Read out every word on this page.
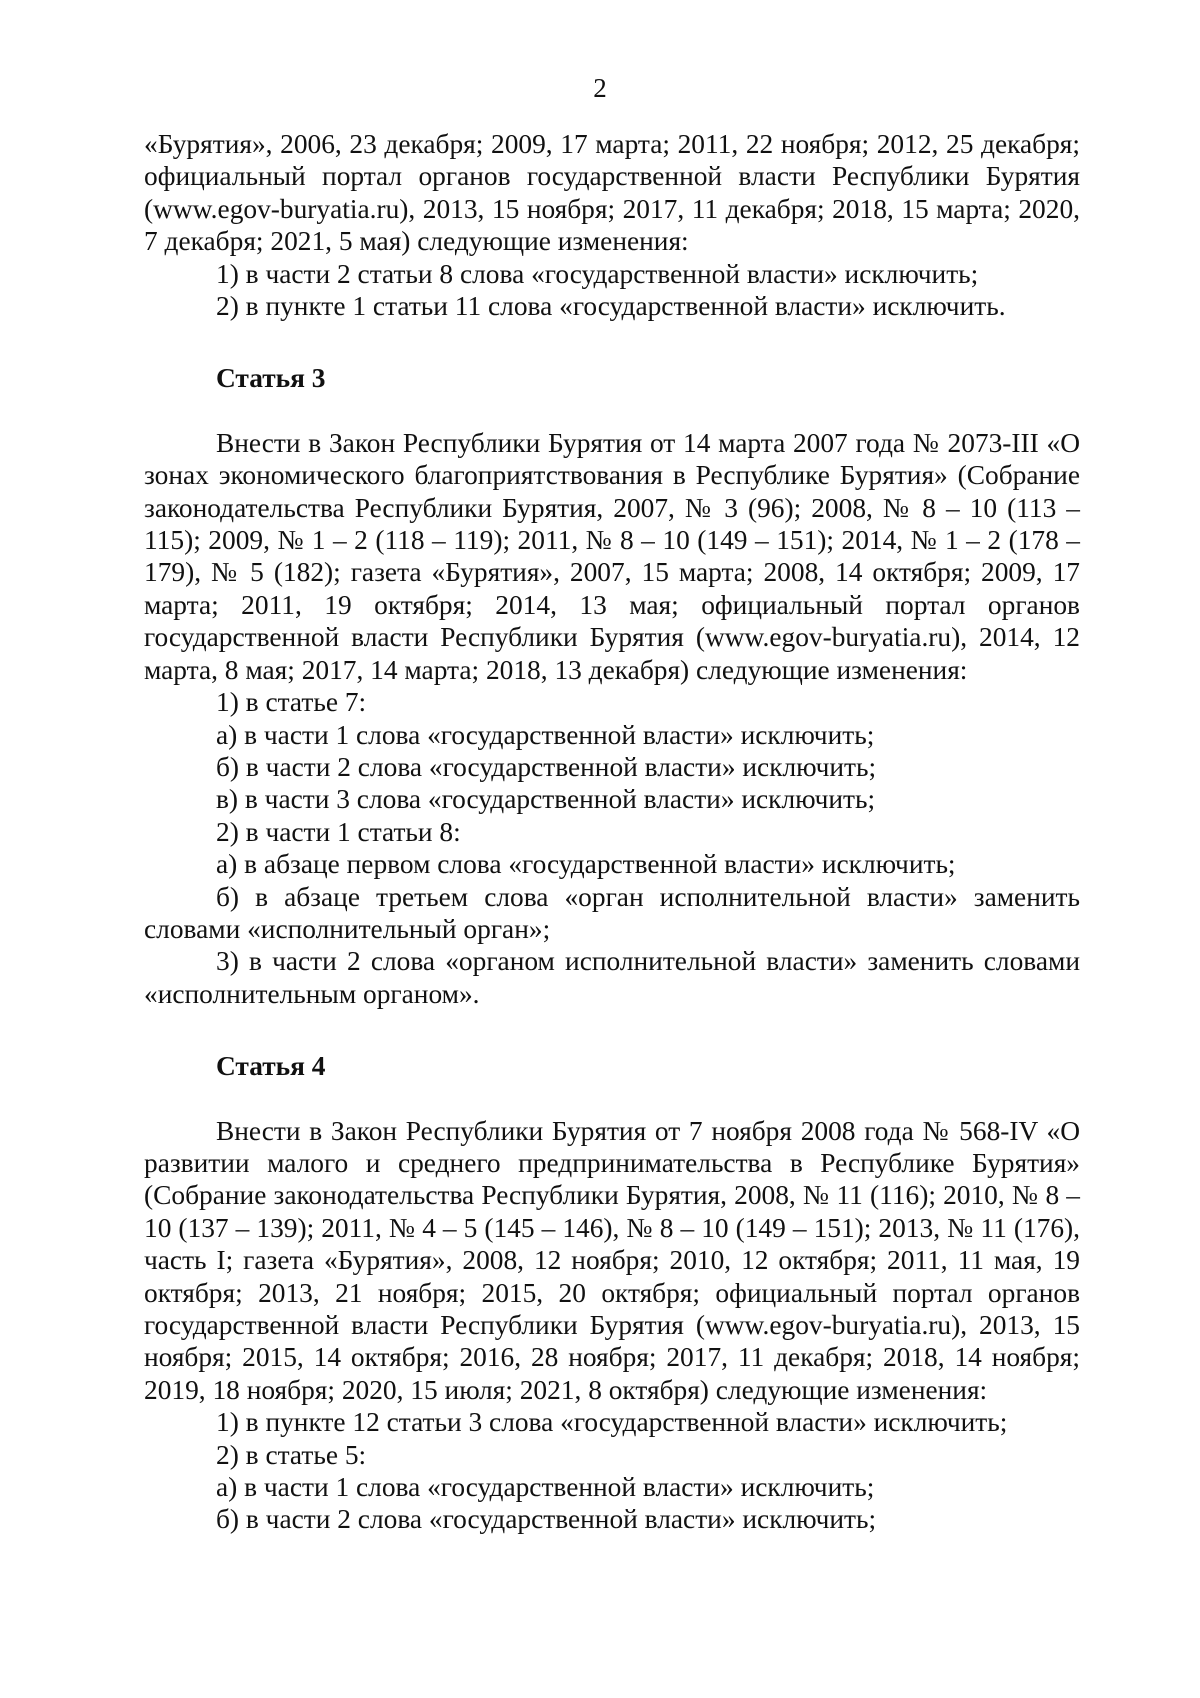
2

«Бурятия», 2006, 23 декабря; 2009, 17 марта; 2011, 22 ноября; 2012, 25 декабря; официальный портал органов государственной власти Республики Бурятия (www.egov-buryatia.ru), 2013, 15 ноября; 2017, 11 декабря; 2018, 15 марта; 2020, 7 декабря; 2021, 5 мая) следующие изменения:

1) в части 2 статьи 8 слова «государственной власти» исключить;

2) в пункте 1 статьи 11 слова «государственной власти» исключить.

Статья 3

Внести в Закон Республики Бурятия от 14 марта 2007 года № 2073-III «О зонах экономического благоприятствования в Республике Бурятия» (Собрание законодательства Республики Бурятия, 2007, № 3 (96); 2008, № 8 – 10 (113 – 115); 2009, № 1 – 2 (118 – 119); 2011, № 8 – 10 (149 – 151); 2014, № 1 – 2 (178 – 179), № 5 (182); газета «Бурятия», 2007, 15 марта; 2008, 14 октября; 2009, 17 марта; 2011, 19 октября; 2014, 13 мая; официальный портал органов государственной власти Республики Бурятия (www.egov-buryatia.ru), 2014, 12 марта, 8 мая; 2017, 14 марта; 2018, 13 декабря) следующие изменения:

1) в статье 7:

а) в части 1 слова «государственной власти» исключить;

б) в части 2 слова «государственной власти» исключить;

в) в части 3 слова «государственной власти» исключить;

2) в части 1 статьи 8:

а) в абзаце первом слова «государственной власти» исключить;

б) в абзаце третьем слова «орган исполнительной власти» заменить словами «исполнительный орган»;

3) в части 2 слова «органом исполнительной власти» заменить словами «исполнительным органом».

Статья 4

Внести в Закон Республики Бурятия от 7 ноября 2008 года № 568-IV «О развитии малого и среднего предпринимательства в Республике Бурятия» (Собрание законодательства Республики Бурятия, 2008, № 11 (116); 2010, № 8 – 10 (137 – 139); 2011, № 4 – 5 (145 – 146), № 8 – 10 (149 – 151); 2013, № 11 (176), часть I; газета «Бурятия», 2008, 12 ноября; 2010, 12 октября; 2011, 11 мая, 19 октября; 2013, 21 ноября; 2015, 20 октября; официальный портал органов государственной власти Республики Бурятия (www.egov-buryatia.ru), 2013, 15 ноября; 2015, 14 октября; 2016, 28 ноября; 2017, 11 декабря; 2018, 14 ноября; 2019, 18 ноября; 2020, 15 июля; 2021, 8 октября) следующие изменения:

1) в пункте 12 статьи 3 слова «государственной власти» исключить;

2) в статье 5:

а) в части 1 слова «государственной власти» исключить;

б) в части 2 слова «государственной власти» исключить;
